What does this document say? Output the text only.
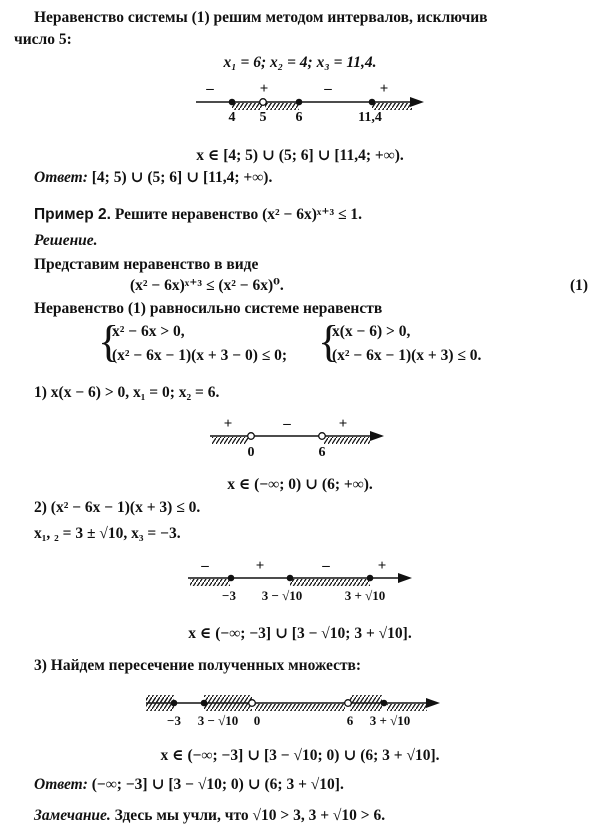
Неравенство системы (1) решим методом интервалов, исключив
число 5:
x₁ = 6; x₂ = 4; x₃ = 11,4.
–	+	–	+
4 5 6	11,4
x ∈ [4; 5) ∪ (5; 6] ∪ [11,4; +∞).
Ответ: [4; 5) ∪ (5; 6] ∪ [11,4; +∞).
Пример 2. Решите неравенство (x² − 6x)ˣ⁺³ ≤ 1.
Решение.
Представим неравенство в виде
(x² − 6x)ˣ⁺³ ≤ (x² − 6x)⁰.	(1)
Неравенство (1) равносильно системе неравенств
{
x² − 6x > 0,
(x² − 6x − 1)(x + 3 − 0) ≤ 0; {
x(x − 6) > 0,
(x² − 6x − 1)(x + 3) ≤ 0.
1) x(x − 6) > 0, x₁ = 0; x₂ = 6.
+	–	+
0	6
x ∈ (−∞; 0) ∪ (6; +∞).
2) (x² − 6x − 1)(x + 3) ≤ 0.
x₁, ₂ = 3 ± √10, x₃ = −3.
–	+	–	+
−3 3 − √10	3 + √10
x ∈ (−∞; −3] ∪ [3 − √10; 3 + √10].
3) Найдем пересечение полученных множеств:
−3 3 − √10 0	6 3 + √10
x ∈ (−∞; −3] ∪ [3 − √10; 0) ∪ (6; 3 + √10].
Ответ: (−∞; −3] ∪ [3 − √10; 0) ∪ (6; 3 + √10].
Замечание. Здесь мы учли, что √10 > 3, 3 + √10 > 6.
